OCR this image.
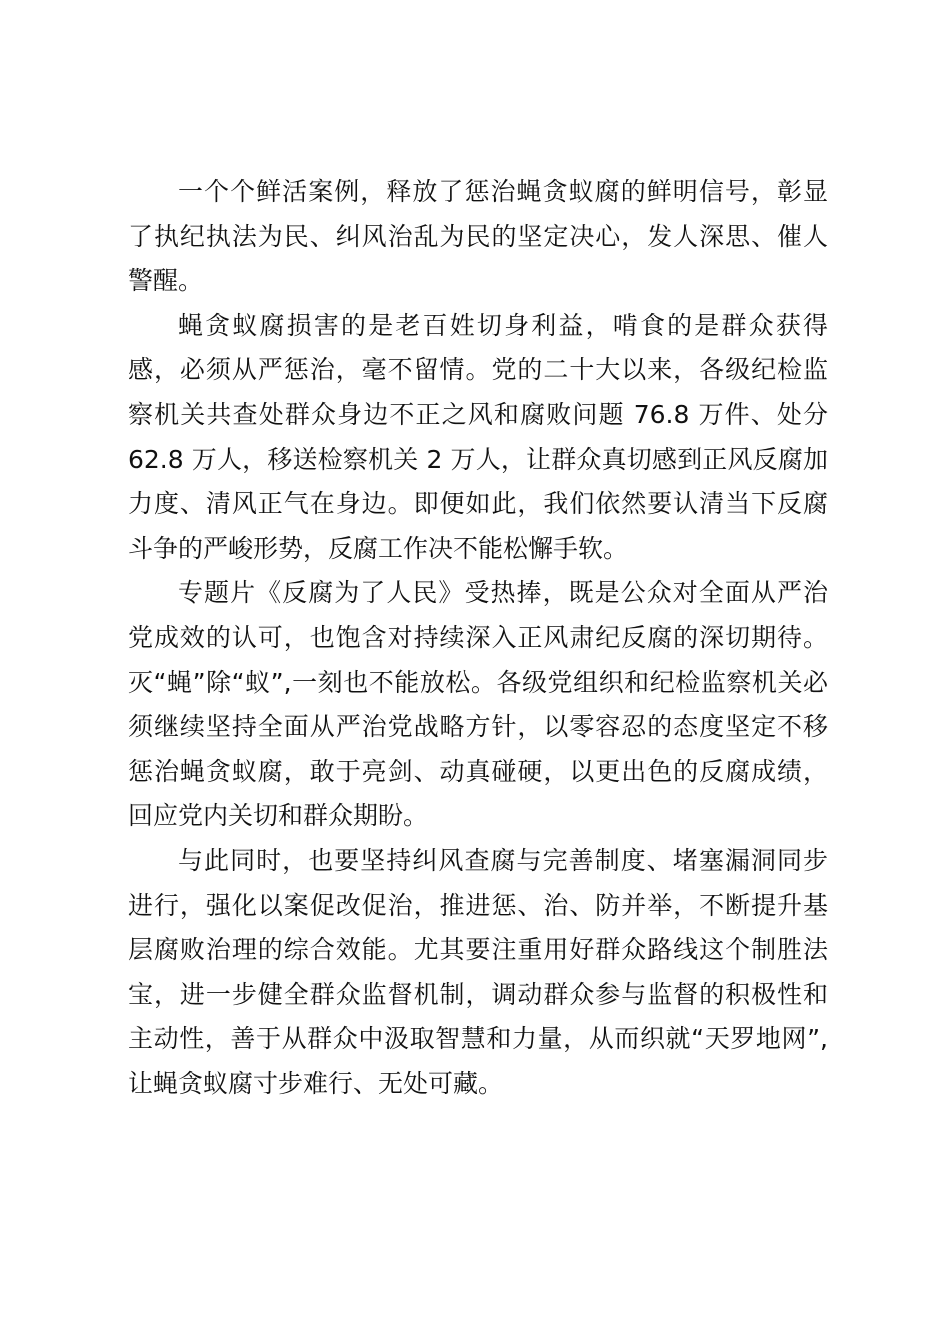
一个个鲜活案例，释放了惩治蝇贪蚁腐的鲜明信号，彰显
了执纪执法为民、纠风治乱为民的坚定决心，发人深思、催人
警醒。
蝇贪蚁腐损害的是老百姓切身利益，啃食的是群众获得
感，必须从严惩治，毫不留情。党的二十大以来，各级纪检监
察机关共查处群众身边不正之风和腐败问题 76.8 万件、处分
62.8 万人，移送检察机关 2 万人，让群众真切感到正风反腐加
力度、清风正气在身边。即便如此，我们依然要认清当下反腐
斗争的严峻形势，反腐工作决不能松懈手软。
专题片《反腐为了人民》受热捧，既是公众对全面从严治
党成效的认可，也饱含对持续深入正风肃纪反腐的深切期待。
灭“蝇”除“蚁”,一刻也不能放松。各级党组织和纪检监察机关必
须继续坚持全面从严治党战略方针，以零容忍的态度坚定不移
惩治蝇贪蚁腐，敢于亮剑、动真碰硬，以更出色的反腐成绩，
回应党内关切和群众期盼。
与此同时，也要坚持纠风查腐与完善制度、堵塞漏洞同步
进行，强化以案促改促治，推进惩、治、防并举，不断提升基
层腐败治理的综合效能。尤其要注重用好群众路线这个制胜法
宝，进一步健全群众监督机制，调动群众参与监督的积极性和
主动性，善于从群众中汲取智慧和力量，从而织就“天罗地网”,
让蝇贪蚁腐寸步难行、无处可藏。
